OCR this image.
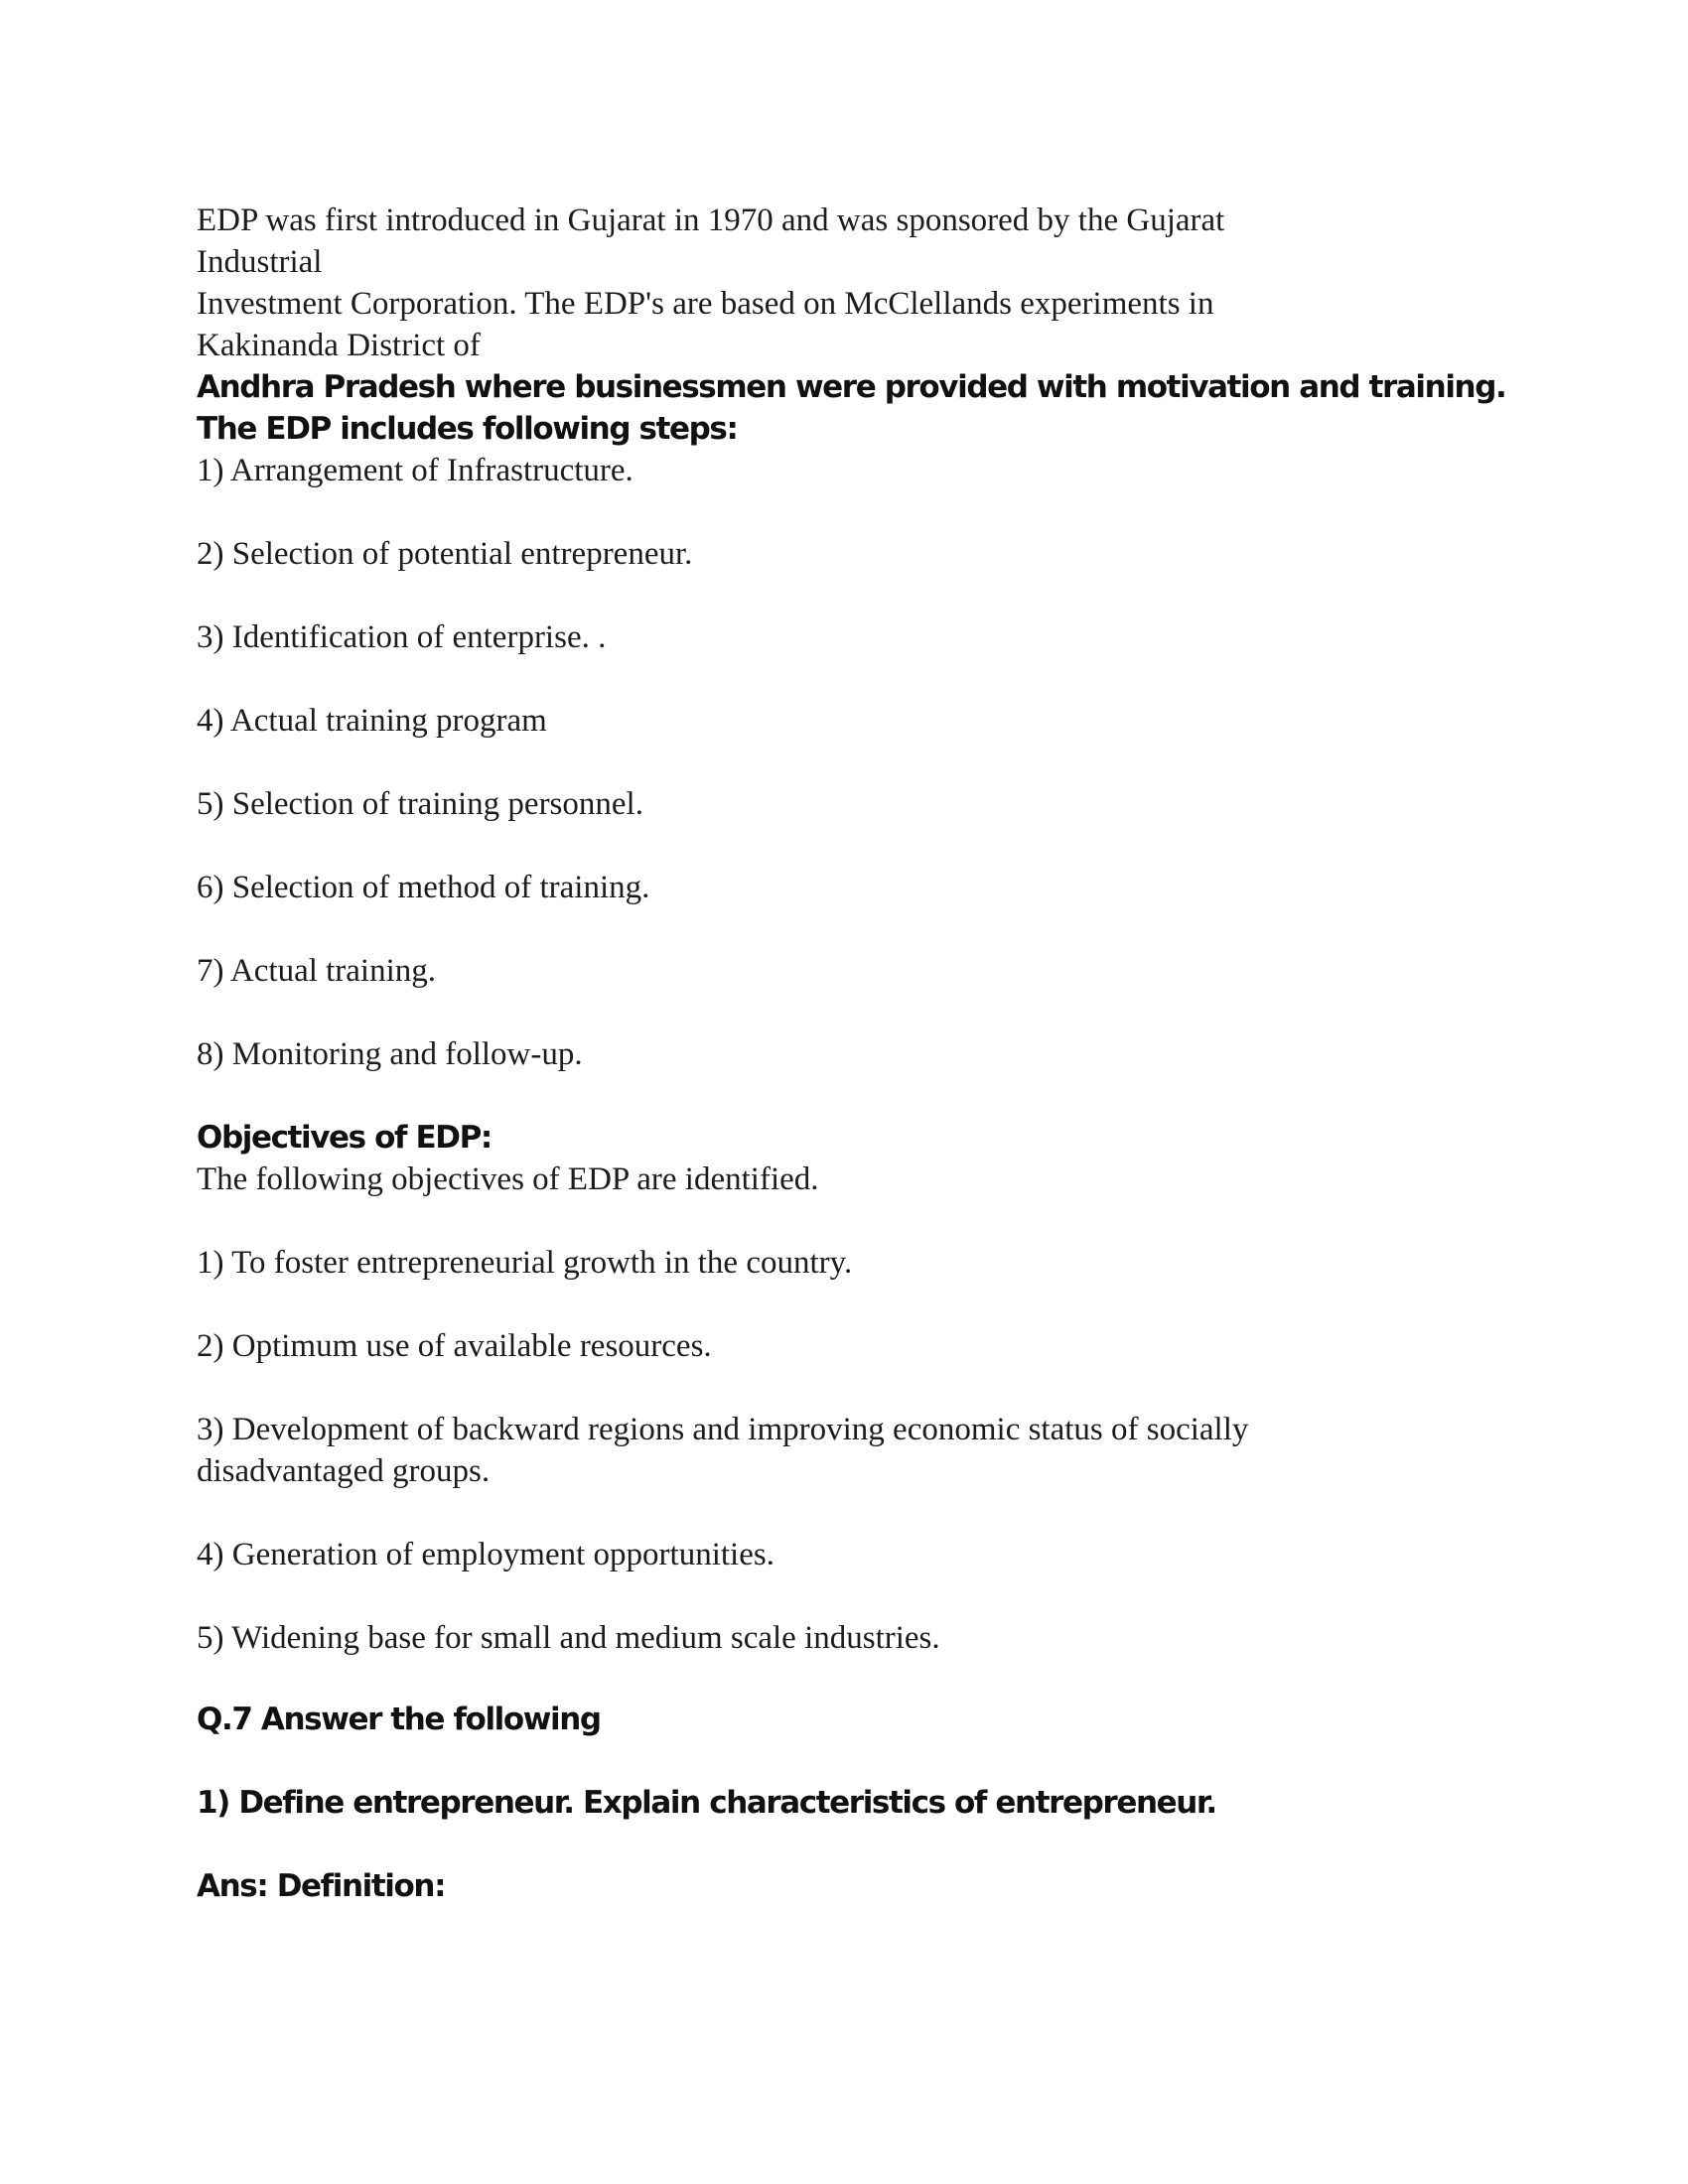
EDP was first introduced in Gujarat in 1970 and was sponsored by the Gujarat

Industrial

Investment Corporation. The EDP's are based on McClellands experiments in

Kakinanda District of

Andhra Pradesh where businessmen were provided with motivation and training.

The EDP includes following steps:

1) Arrangement of Infrastructure.

2) Selection of potential entrepreneur.

3) Identification of enterprise. .

4) Actual training program

5) Selection of training personnel.

6) Selection of method of training.

7) Actual training.

8) Monitoring and follow-up.

Objectives of EDP:

The following objectives of EDP are identified.

1) To foster entrepreneurial growth in the country.

2) Optimum use of available resources.

3) Development of backward regions and improving economic status of socially

disadvantaged groups.

4) Generation of employment opportunities.

5) Widening base for small and medium scale industries.

Q.7 Answer the following

1) Define entrepreneur. Explain characteristics of entrepreneur.

Ans: Definition:
